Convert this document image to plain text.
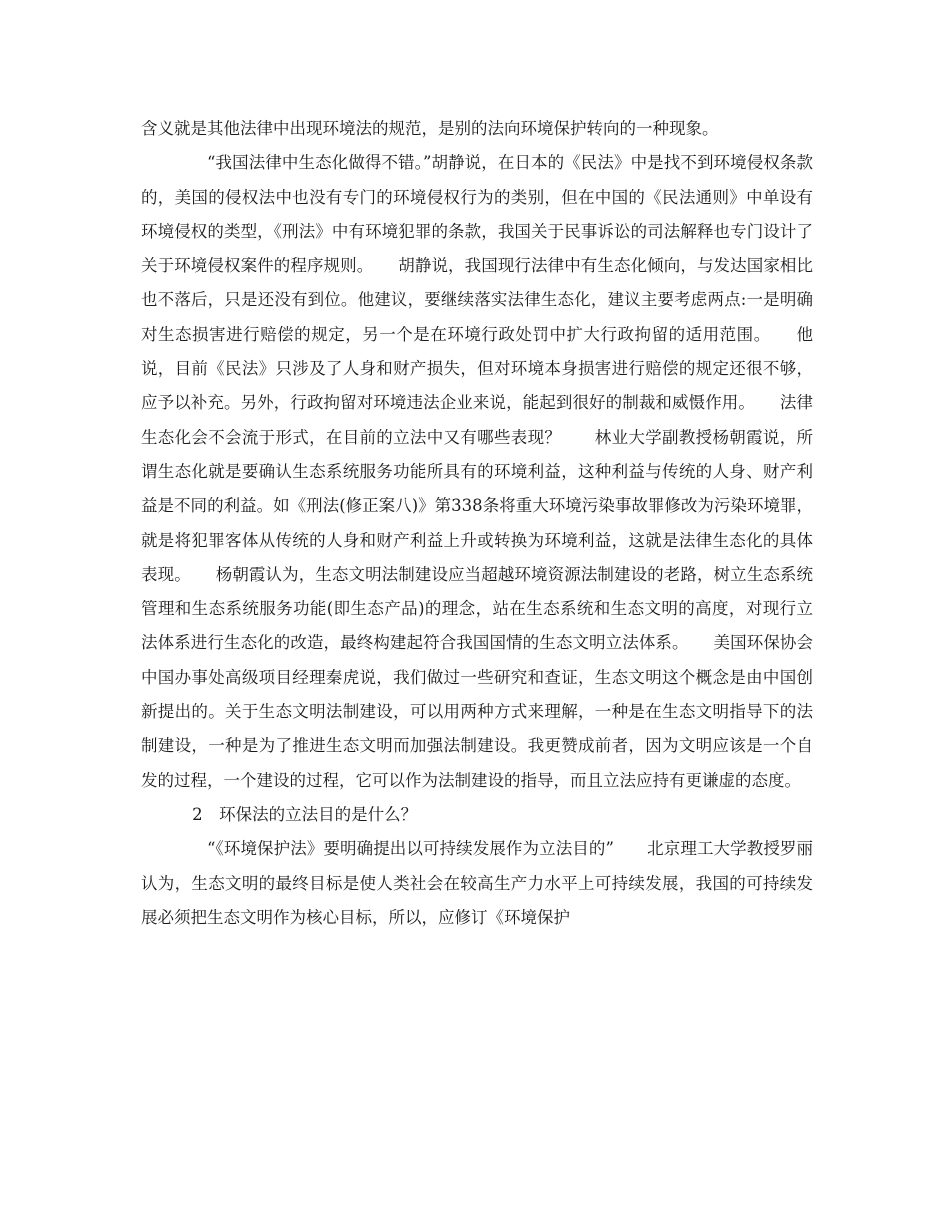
含义就是其他法律中出现环境法的规范，是别的法向环境保护转向的一种现象。

“我国法律中生态化做得不错。”胡静说，在日本的《民法》中是找不到环境侵权条款的，美国的侵权法中也没有专门的环境侵权行为的类别，但在中国的《民法通则》中单设有环境侵权的类型，《刑法》中有环境犯罪的条款，我国关于民事诉讼的司法解释也专门设计了关于环境侵权案件的程序规则。　　胡静说，我国现行法律中有生态化倾向，与发达国家相比也不落后，只是还没有到位。他建议，要继续落实法律生态化，建议主要考虑两点:一是明确对生态损害进行赔偿的规定，另一个是在环境行政处罚中扩大行政拘留的适用范围。　　他说，目前《民法》只涉及了人身和财产损失，但对环境本身损害进行赔偿的规定还很不够，应予以补充。另外，行政拘留对环境违法企业来说，能起到很好的制裁和威慑作用。　　法律生态化会不会流于形式，在目前的立法中又有哪些表现？　　林业大学副教授杨朝霞说，所谓生态化就是要确认生态系统服务功能所具有的环境利益，这种利益与传统的人身、财产利益是不同的利益。如《刑法(修正案八)》第338条将重大环境污染事故罪修改为污染环境罪，就是将犯罪客体从传统的人身和财产利益上升或转换为环境利益，这就是法律生态化的具体表现。　　杨朝霞认为，生态文明法制建设应当超越环境资源法制建设的老路，树立生态系统管理和生态系统服务功能(即生态产品)的理念，站在生态系统和生态文明的高度，对现行立法体系进行生态化的改造，最终构建起符合我国国情的生态文明立法体系。　　美国环保协会中国办事处高级项目经理秦虎说，我们做过一些研究和查证，生态文明这个概念是由中国创新提出的。关于生态文明法制建设，可以用两种方式来理解，一种是在生态文明指导下的法制建设，一种是为了推进生态文明而加强法制建设。我更赞成前者，因为文明应该是一个自发的过程，一个建设的过程，它可以作为法制建设的指导，而且立法应持有更谦虚的态度。

2　环保法的立法目的是什么？

“《环境保护法》要明确提出以可持续发展作为立法目的”　　北京理工大学教授罗丽认为，生态文明的最终目标是使人类社会在较高生产力水平上可持续发展，我国的可持续发展必须把生态文明作为核心目标，所以，应修订《环境保护
